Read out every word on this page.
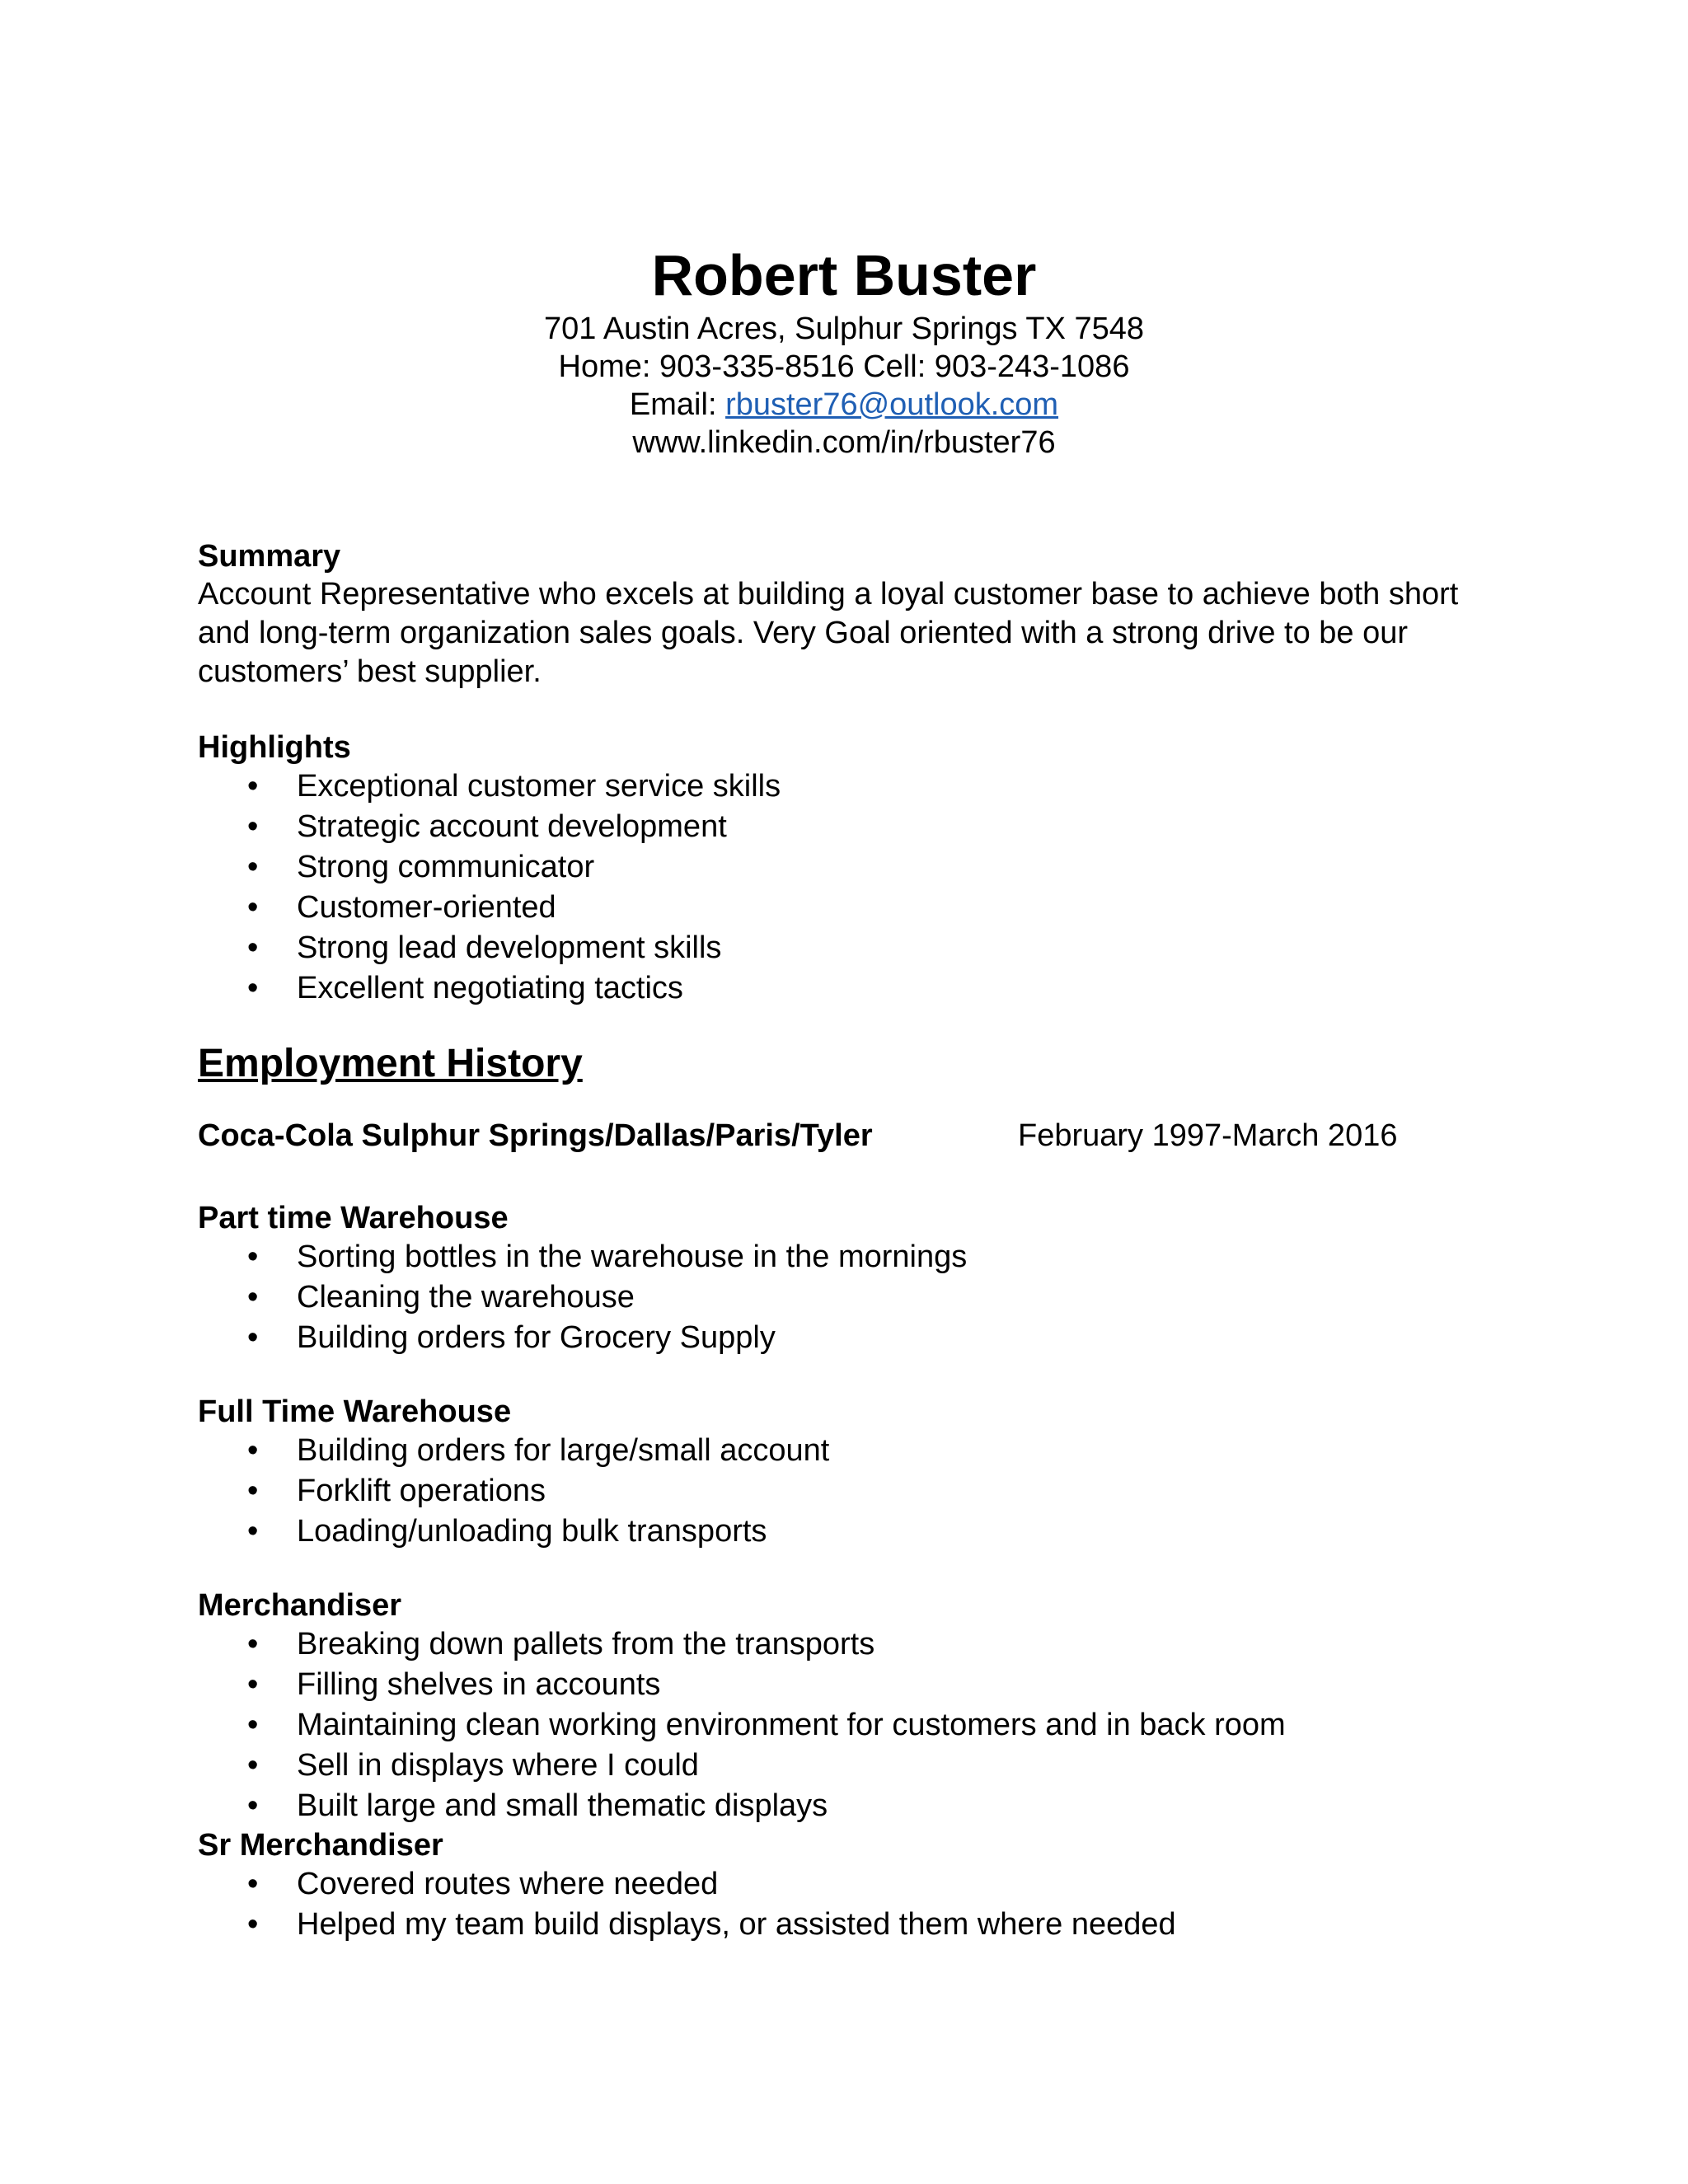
Robert Buster
701 Austin Acres, Sulphur Springs TX 7548
Home: 903-335-8516 Cell: 903-243-1086
Email: rbuster76@outlook.com
www.linkedin.com/in/rbuster76
Summary

Account Representative who excels at building a loyal customer base to achieve both short and long-term organization sales goals. Very Goal oriented with a strong drive to be our customers’ best supplier.

Highlights
• Exceptional customer service skills
• Strategic account development
• Strong communicator
• Customer-oriented
• Strong lead development skills
• Excellent negotiating tactics
Employment History
Coca-Cola Sulphur Springs/Dallas/Paris/Tyler	February 1997-March 2016
Part time Warehouse
• Sorting bottles in the warehouse in the mornings
• Cleaning the warehouse
• Building orders for Grocery Supply
Full Time Warehouse
• Building orders for large/small account
• Forklift operations
• Loading/unloading bulk transports
Merchandiser
• Breaking down pallets from the transports
• Filling shelves in accounts
• Maintaining clean working environment for customers and in back room
• Sell in displays where I could
• Built large and small thematic displays
Sr Merchandiser
• Covered routes where needed
• Helped my team build displays, or assisted them where needed
